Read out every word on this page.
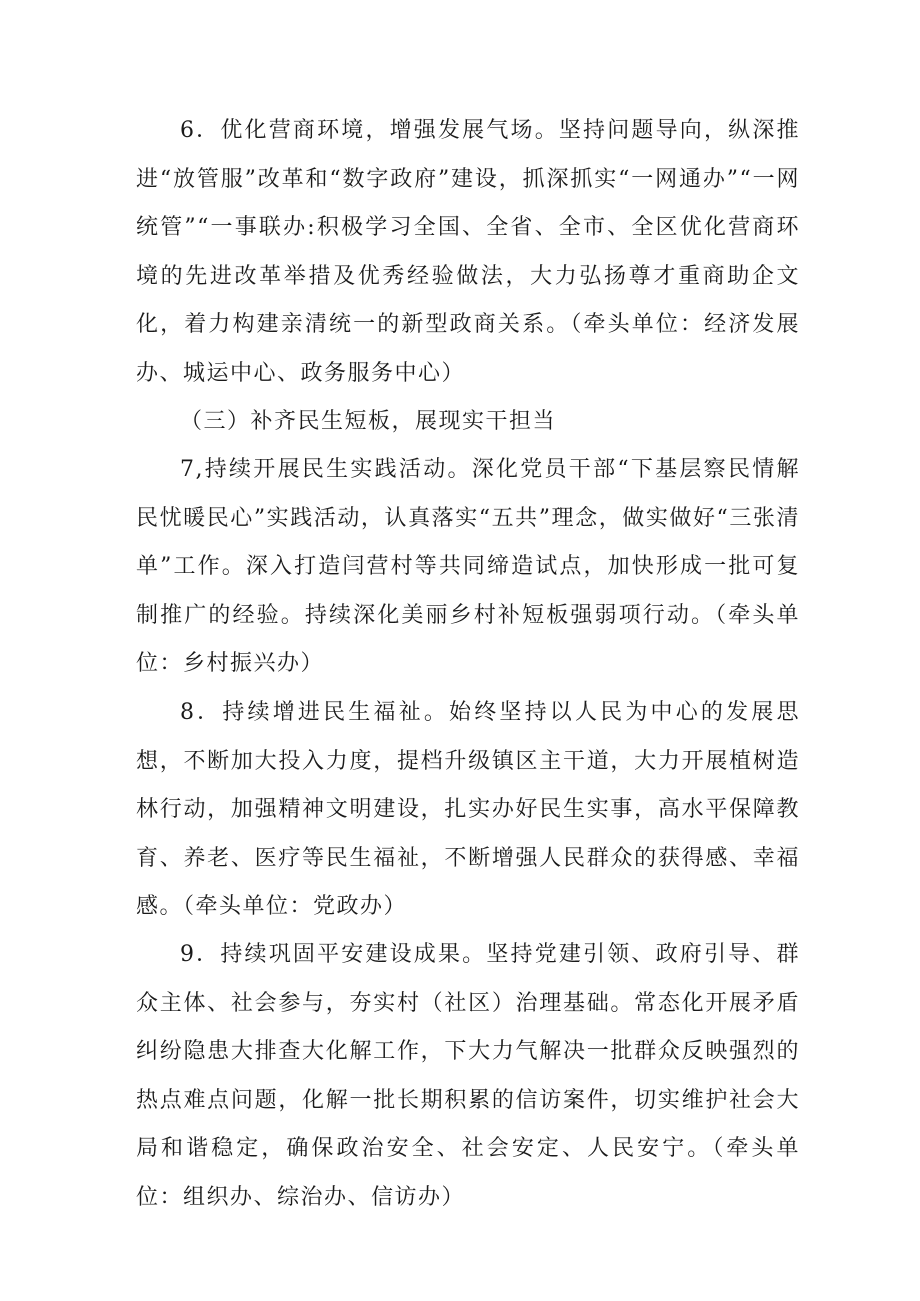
6．优化营商环境，增强发展气场。坚持问题导向，纵深推进“放管服”改革和“数字政府”建设，抓深抓实“一网通办”“一网统管”“一事联办:积极学习全国、全省、全市、全区优化营商环境的先进改革举措及优秀经验做法，大力弘扬尊才重商助企文化，着力构建亲清统一的新型政商关系。（牵头单位：经济发展办、城运中心、政务服务中心）

（三）补齐民生短板，展现实干担当

7,持续开展民生实践活动。深化党员干部“下基层察民情解民忧暖民心”实践活动，认真落实“五共”理念，做实做好“三张清单”工作。深入打造闫营村等共同缔造试点，加快形成一批可复制推广的经验。持续深化美丽乡村补短板强弱项行动。（牵头单位：乡村振兴办）

8．持续增进民生福祉。始终坚持以人民为中心的发展思想，不断加大投入力度，提档升级镇区主干道，大力开展植树造林行动，加强精神文明建设，扎实办好民生实事，高水平保障教育、养老、医疗等民生福祉，不断增强人民群众的获得感、幸福感。（牵头单位：党政办）

9．持续巩固平安建设成果。坚持党建引领、政府引导、群众主体、社会参与，夯实村（社区）治理基础。常态化开展矛盾纠纷隐患大排查大化解工作，下大力气解决一批群众反映强烈的热点难点问题，化解一批长期积累的信访案件，切实维护社会大局和谐稳定，确保政治安全、社会安定、人民安宁。（牵头单位：组织办、综治办、信访办）
